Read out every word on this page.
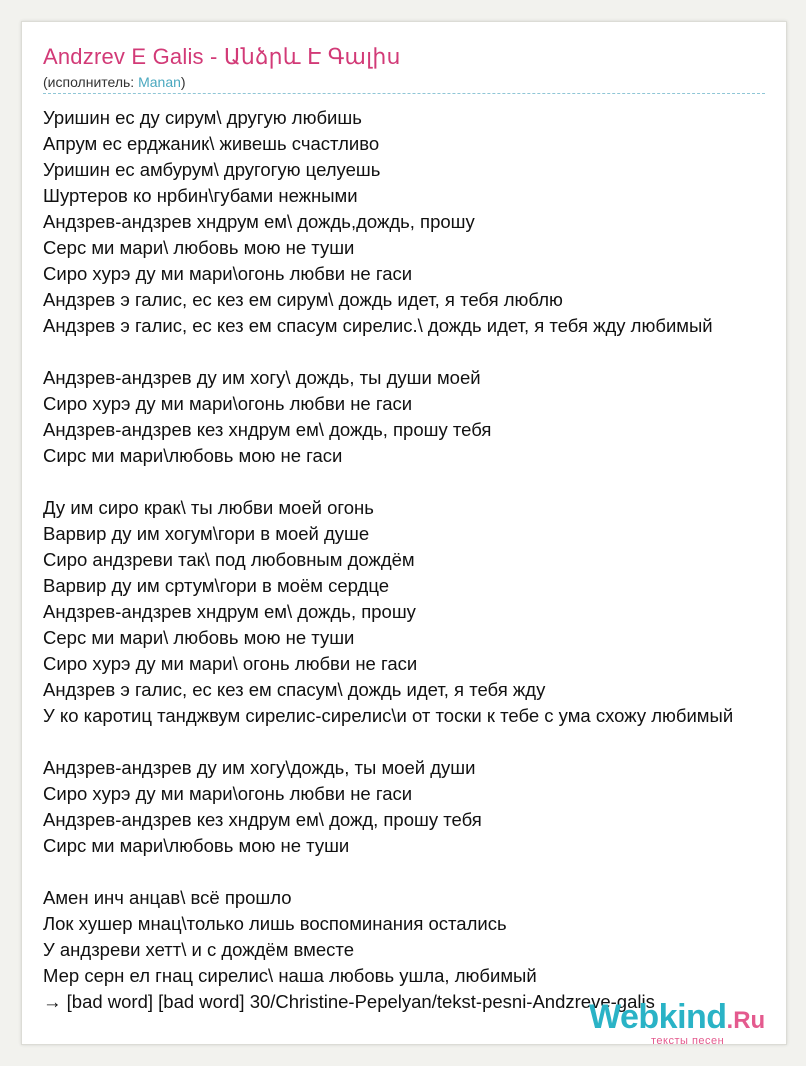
Andzrev E Galis - Անձրև Է Գալիս
(исполнитель: Manan)
Уришин ес ду сирум\ другую любишь
Апрум ес ерджаник\ живешь счастливо
Уришин ес амбурум\ другогую целуешь
Шуртеров ко нрбин\губами нежными
Андзрев-андзрев хндрум ем\ дождь,дождь, прошу
Серс ми мари\ любовь мою не туши
Сиро хурэ ду ми мари\огонь любви не гаси
Андзрев э галис, ес кез ем сирум\ дождь идет, я тебя люблю
Андзрев э галис, ес кез ем спасум сирелис.\ дождь идет, я тебя жду любимый
Андзрев-андзрев ду им хогу\ дождь, ты души моей
Сиро хурэ ду ми мари\огонь любви не гаси
Андзрев-андзрев кез хндрум ем\ дождь, прошу тебя
Сирс ми мари\любовь мою не гаси
Ду им сиро крак\ ты любви моей огонь
Варвир ду им хогум\гори в моей душе
Сиро андзреви так\ под любовным дождём
Варвир ду им сртум\гори в моём сердце
Андзрев-андзрев хндрум ем\ дождь, прошу
Серс ми мари\ любовь мою не туши
Сиро хурэ ду ми мари\ огонь любви не гаси
Андзрев э галис, ес кез ем спасум\ дождь идет, я тебя жду
У ко каротиц танджвум сирелис-сирелис\и от тоски к тебе с ума схожу любимый
Андзрев-андзрев ду им хогу\дождь, ты моей души
Сиро хурэ ду ми мари\огонь любви не гаси
Андзрев-андзрев кез хндрум ем\ дожд, прошу тебя
Сирс ми мари\любовь мою не туши
Амен инч анцав\ всё прошло
Лок хушер мнац\только лишь воспоминания остались
У андзреви хетт\ и с дождём вместе
Мер серн ел гнац сирелис\ наша любовь ушла, любимый
→ [bad word] [bad word] 30/Christine-Pepelyan/tekst-pesni-Andzreve-galis
Webkind.Ru
тексты песен
